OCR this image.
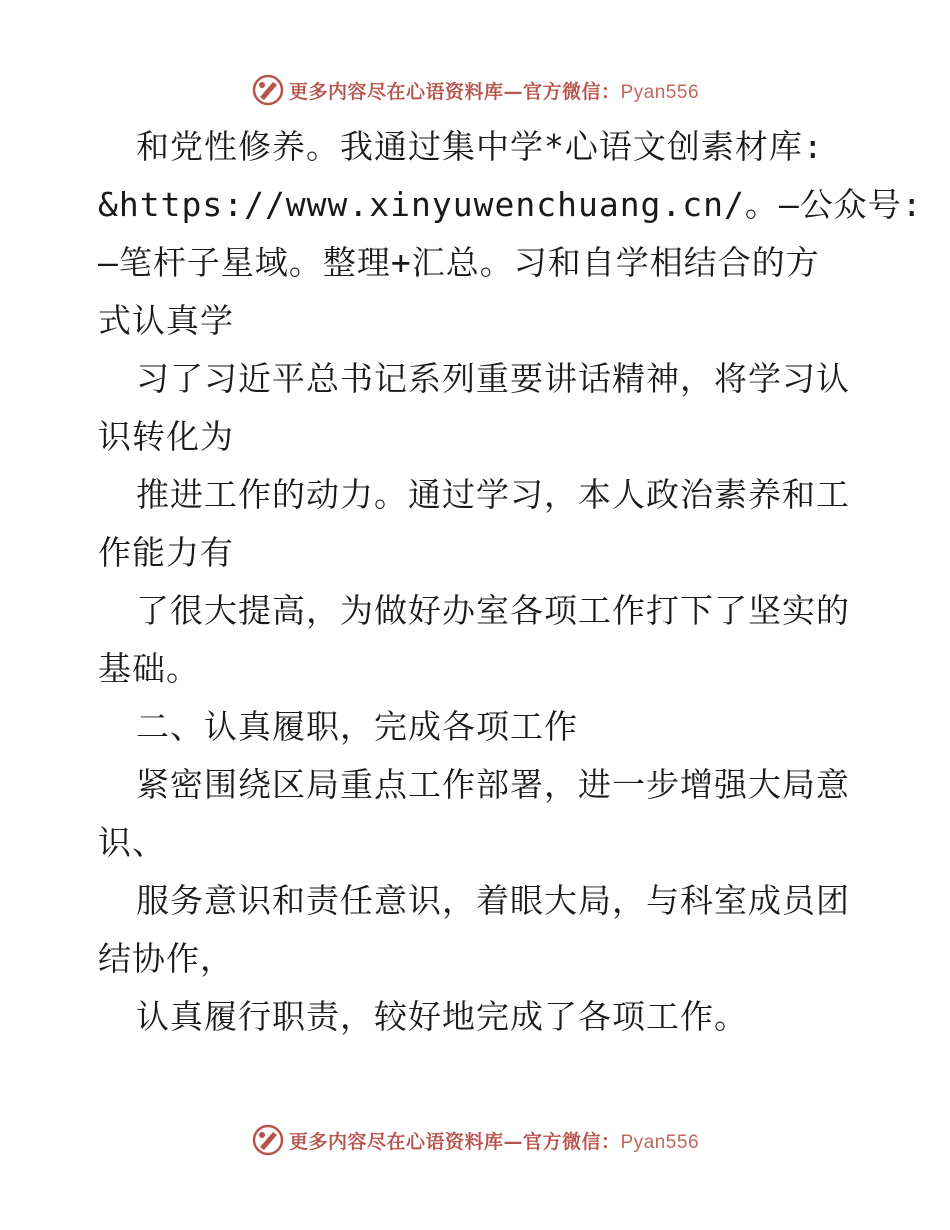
更多内容尽在心语资料库—官方微信：Pyan556
和党性修养。我通过集中学*心语文创素材库:
&https://www.xinyuwenchuang.cn/。—公众号:
—笔杆子星域。整理+汇总。习和自学相结合的方
式认真学
习了习近平总书记系列重要讲话精神，将学习认
识转化为
推进工作的动力。通过学习，本人政治素养和工
作能力有
了很大提高，为做好办室各项工作打下了坚实的
基础。
二、认真履职，完成各项工作
紧密围绕区局重点工作部署，进一步增强大局意
识、
服务意识和责任意识，着眼大局，与科室成员团
结协作，
认真履行职责，较好地完成了各项工作。
更多内容尽在心语资料库—官方微信：Pyan556
